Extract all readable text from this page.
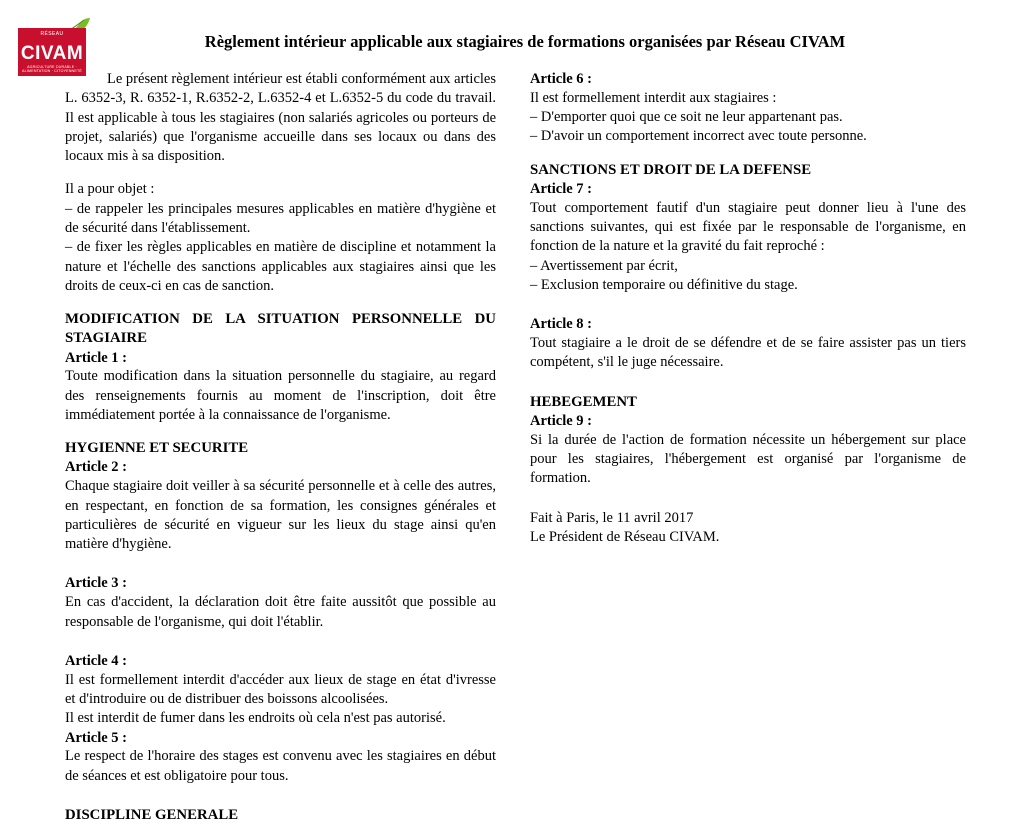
RÉSEAU
CIVAM
AGRICULTURE DURABLE · ALIMENTATION · CITOYENNETÉ
Règlement intérieur applicable aux stagiaires de formations organisées par Réseau CIVAM

Le présent règlement intérieur est établi conformément aux articles L. 6352-3, R. 6352-1, R.6352-2, L.6352-4 et L.6352-5 du code du travail. Il est applicable à tous les stagiaires (non salariés agricoles ou porteurs de projet, salariés) que l'organisme accueille dans ses locaux ou dans des locaux mis à sa disposition.

Il a pour objet :

– de rappeler les principales mesures applicables en matière d'hygiène et de sécurité dans l'établissement.

– de fixer les règles applicables en matière de discipline et notamment la nature et l'échelle des sanctions applicables aux stagiaires ainsi que les droits de ceux-ci en cas de sanction.

MODIFICATION DE LA SITUATION PERSONNELLE DU STAGIAIRE
Article 1 :

Toute modification dans la situation personnelle du stagiaire, au regard des renseignements fournis au moment de l'inscription, doit être immédiatement portée à la connaissance de l'organisme.

HYGIENNE ET SECURITE
Article 2 :

Chaque stagiaire doit veiller à sa sécurité personnelle et à celle des autres, en respectant, en fonction de sa formation, les consignes générales et particulières de sécurité en vigueur sur les lieux du stage ainsi qu'en matière d'hygiène.

Article 3 :

En cas d'accident, la déclaration doit être faite aussitôt que possible au responsable de l'organisme, qui doit l'établir.

Article 4 :

Il est formellement interdit d'accéder aux lieux de stage en état d'ivresse et d'introduire ou de distribuer des boissons alcoolisées.

Il est interdit de fumer dans les endroits où cela n'est pas autorisé.

Article 5 :

Le respect de l'horaire des stages est convenu avec les stagiaires en début de séances et est obligatoire pour tous.

DISCIPLINE GENERALE
Article 6 :

Il est formellement interdit aux stagiaires :

– D'emporter quoi que ce soit ne leur appartenant pas.

– D'avoir un comportement incorrect avec toute personne.

SANCTIONS ET DROIT DE LA DEFENSE
Article 7 :

Tout comportement fautif d'un stagiaire peut donner lieu à l'une des sanctions suivantes, qui est fixée par le responsable de l'organisme, en fonction de la nature et la gravité du fait reproché :

– Avertissement par écrit,

– Exclusion temporaire ou définitive du stage.

Article 8 :

Tout stagiaire a le droit de se défendre et de se faire assister pas un tiers compétent, s'il le juge nécessaire.

HEBEGEMENT
Article 9 :

Si la durée de l'action de formation nécessite un hébergement sur place pour les stagiaires, l'hébergement est organisé par l'organisme de formation.

Fait à Paris, le 11 avril 2017

Le Président de Réseau CIVAM.
